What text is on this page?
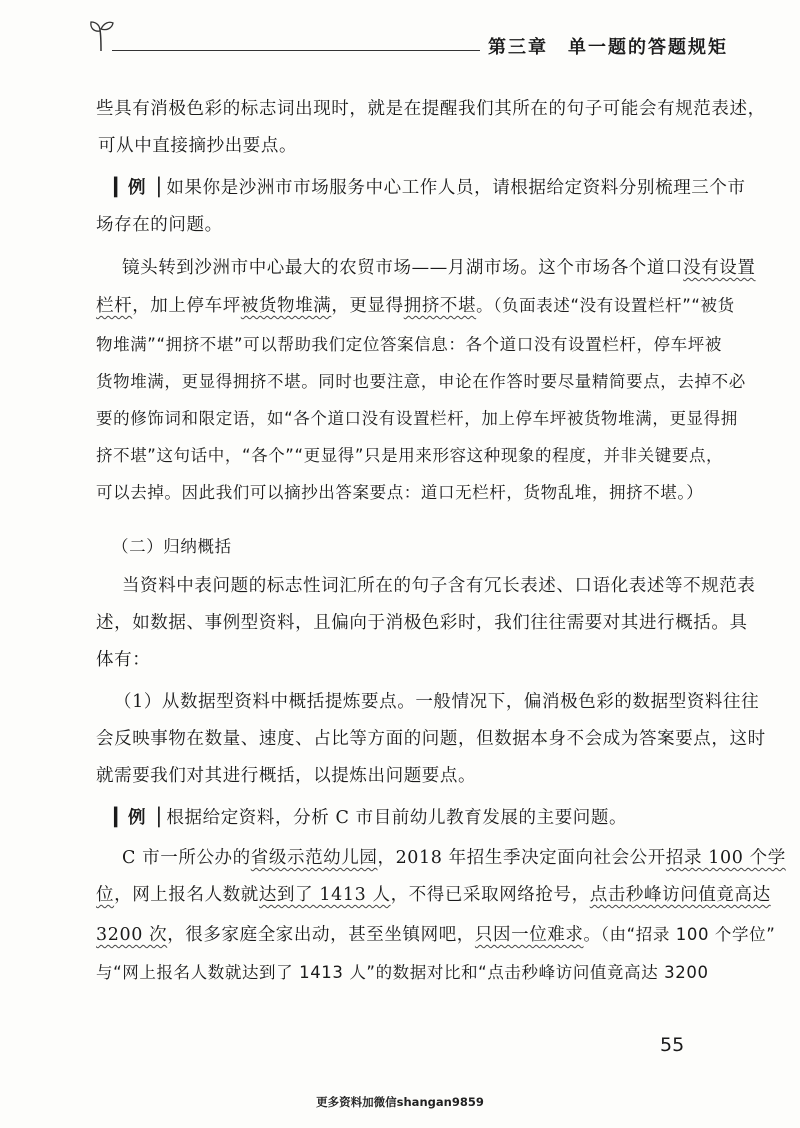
第三章　单一题的答题规矩
些具有消极色彩的标志词出现时，就是在提醒我们其所在的句子可能会有规范表述，
可从中直接摘抄出要点。
▎例▕ 如果你是沙洲市市场服务中心工作人员，请根据给定资料分别梳理三个市
场存在的问题。
镜头转到沙洲市中心最大的农贸市场——月湖市场。这个市场各个道口没有设置
栏杆，加上停车坪被货物堆满，更显得拥挤不堪。（负面表述“没有设置栏杆”“被货
物堆满”“拥挤不堪”可以帮助我们定位答案信息：各个道口没有设置栏杆，停车坪被
货物堆满，更显得拥挤不堪。同时也要注意，申论在作答时要尽量精简要点，去掉不必
要的修饰词和限定语，如“各个道口没有设置栏杆，加上停车坪被货物堆满，更显得拥
挤不堪”这句话中，“各个”“更显得”只是用来形容这种现象的程度，并非关键要点，
可以去掉。因此我们可以摘抄出答案要点：道口无栏杆，货物乱堆，拥挤不堪。）
（二）归纳概括
当资料中表问题的标志性词汇所在的句子含有冗长表述、口语化表述等不规范表
述，如数据、事例型资料，且偏向于消极色彩时，我们往往需要对其进行概括。具
体有：
（1）从数据型资料中概括提炼要点。一般情况下，偏消极色彩的数据型资料往往
会反映事物在数量、速度、占比等方面的问题，但数据本身不会成为答案要点，这时
就需要我们对其进行概括，以提炼出问题要点。
▎例▕ 根据给定资料，分析 C 市目前幼儿教育发展的主要问题。
C 市一所公办的省级示范幼儿园，2018 年招生季决定面向社会公开招录 100 个学
位，网上报名人数就达到了 1413 人，不得已采取网络抢号，点击秒峰访问值竟高达
3200 次，很多家庭全家出动，甚至坐镇网吧，只因一位难求。（由“招录 100 个学位”
与“网上报名人数就达到了 1413 人”的数据对比和“点击秒峰访问值竟高达 3200
55
更多资料加微信shangan9859
